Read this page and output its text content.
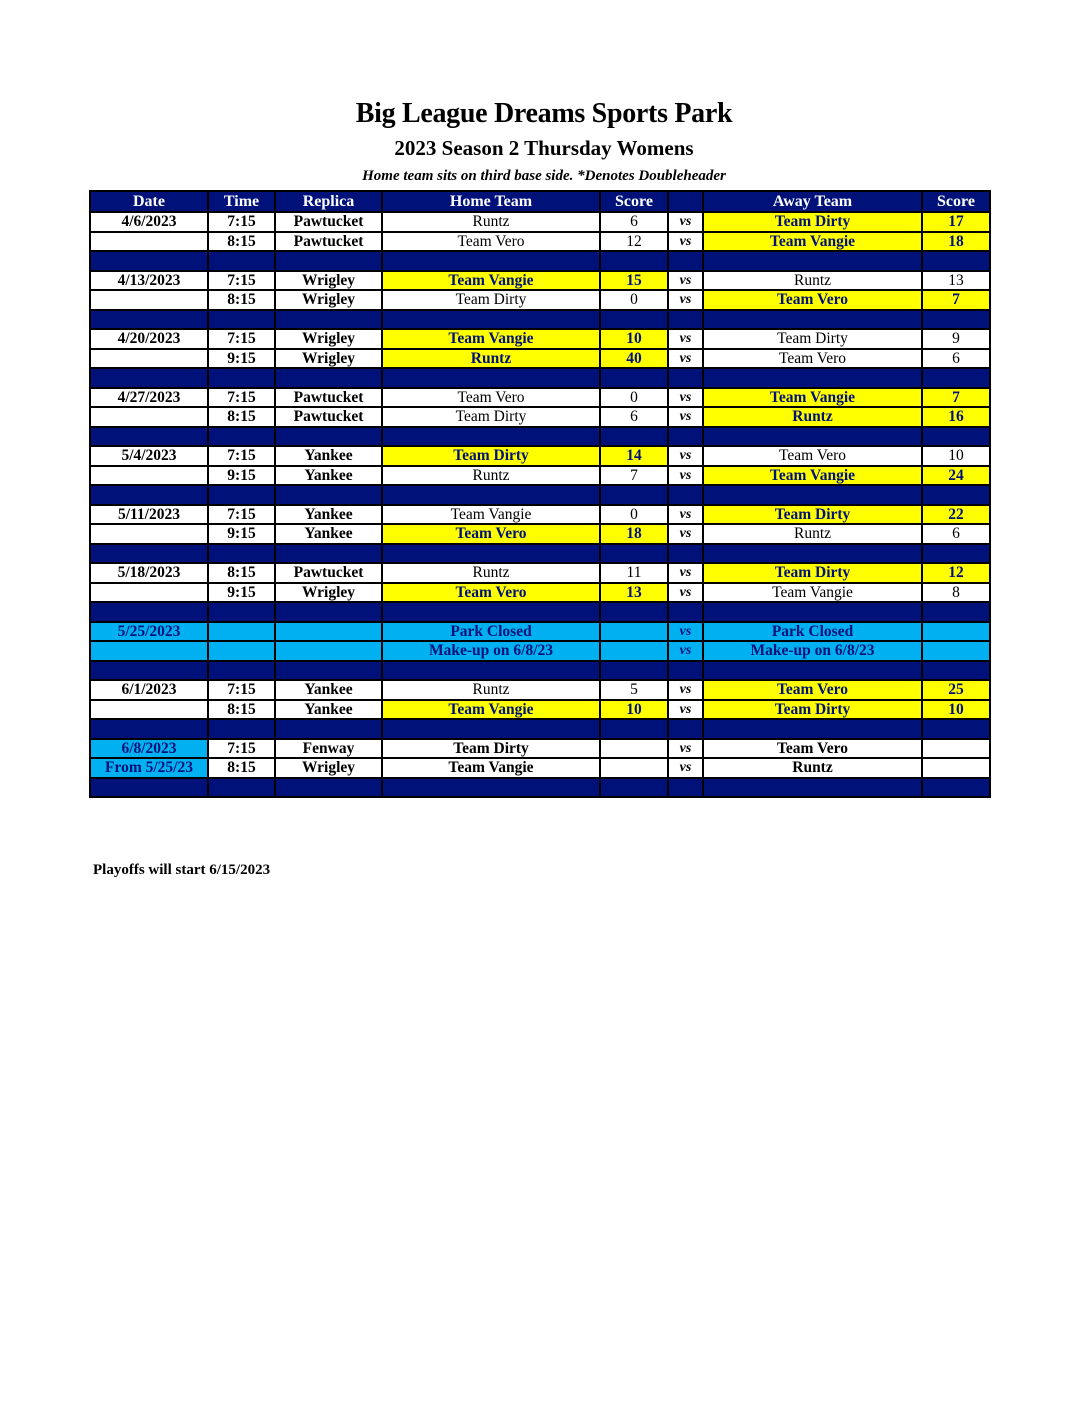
Big League Dreams Sports Park
2023 Season 2 Thursday Womens
Home team sits on third base side. *Denotes Doubleheader
Date	Time	Replica	Home Team	Score		Away Team	Score
4/6/2023	7:15	Pawtucket	Runtz	6	vs	Team Dirty	17
	8:15	Pawtucket	Team Vero	12	vs	Team Vangie	18

4/13/2023	7:15	Wrigley	Team Vangie	15	vs	Runtz	13
	8:15	Wrigley	Team Dirty	0	vs	Team Vero	7

4/20/2023	7:15	Wrigley	Team Vangie	10	vs	Team Dirty	9
	9:15	Wrigley	Runtz	40	vs	Team Vero	6

4/27/2023	7:15	Pawtucket	Team Vero	0	vs	Team Vangie	7
	8:15	Pawtucket	Team Dirty	6	vs	Runtz	16

5/4/2023	7:15	Yankee	Team Dirty	14	vs	Team Vero	10
	9:15	Yankee	Runtz	7	vs	Team Vangie	24

5/11/2023	7:15	Yankee	Team Vangie	0	vs	Team Dirty	22
	9:15	Yankee	Team Vero	18	vs	Runtz	6

5/18/2023	8:15	Pawtucket	Runtz	11	vs	Team Dirty	12
	9:15	Wrigley	Team Vero	13	vs	Team Vangie	8

5/25/2023			Park Closed		vs	Park Closed	
			Make-up on 6/8/23		vs	Make-up on 6/8/23	

6/1/2023	7:15	Yankee	Runtz	5	vs	Team Vero	25
	8:15	Yankee	Team Vangie	10	vs	Team Dirty	10

6/8/2023	7:15	Fenway	Team Dirty		vs	Team Vero	
From 5/25/23	8:15	Wrigley	Team Vangie		vs	Runtz	

Playoffs will start 6/15/2023
